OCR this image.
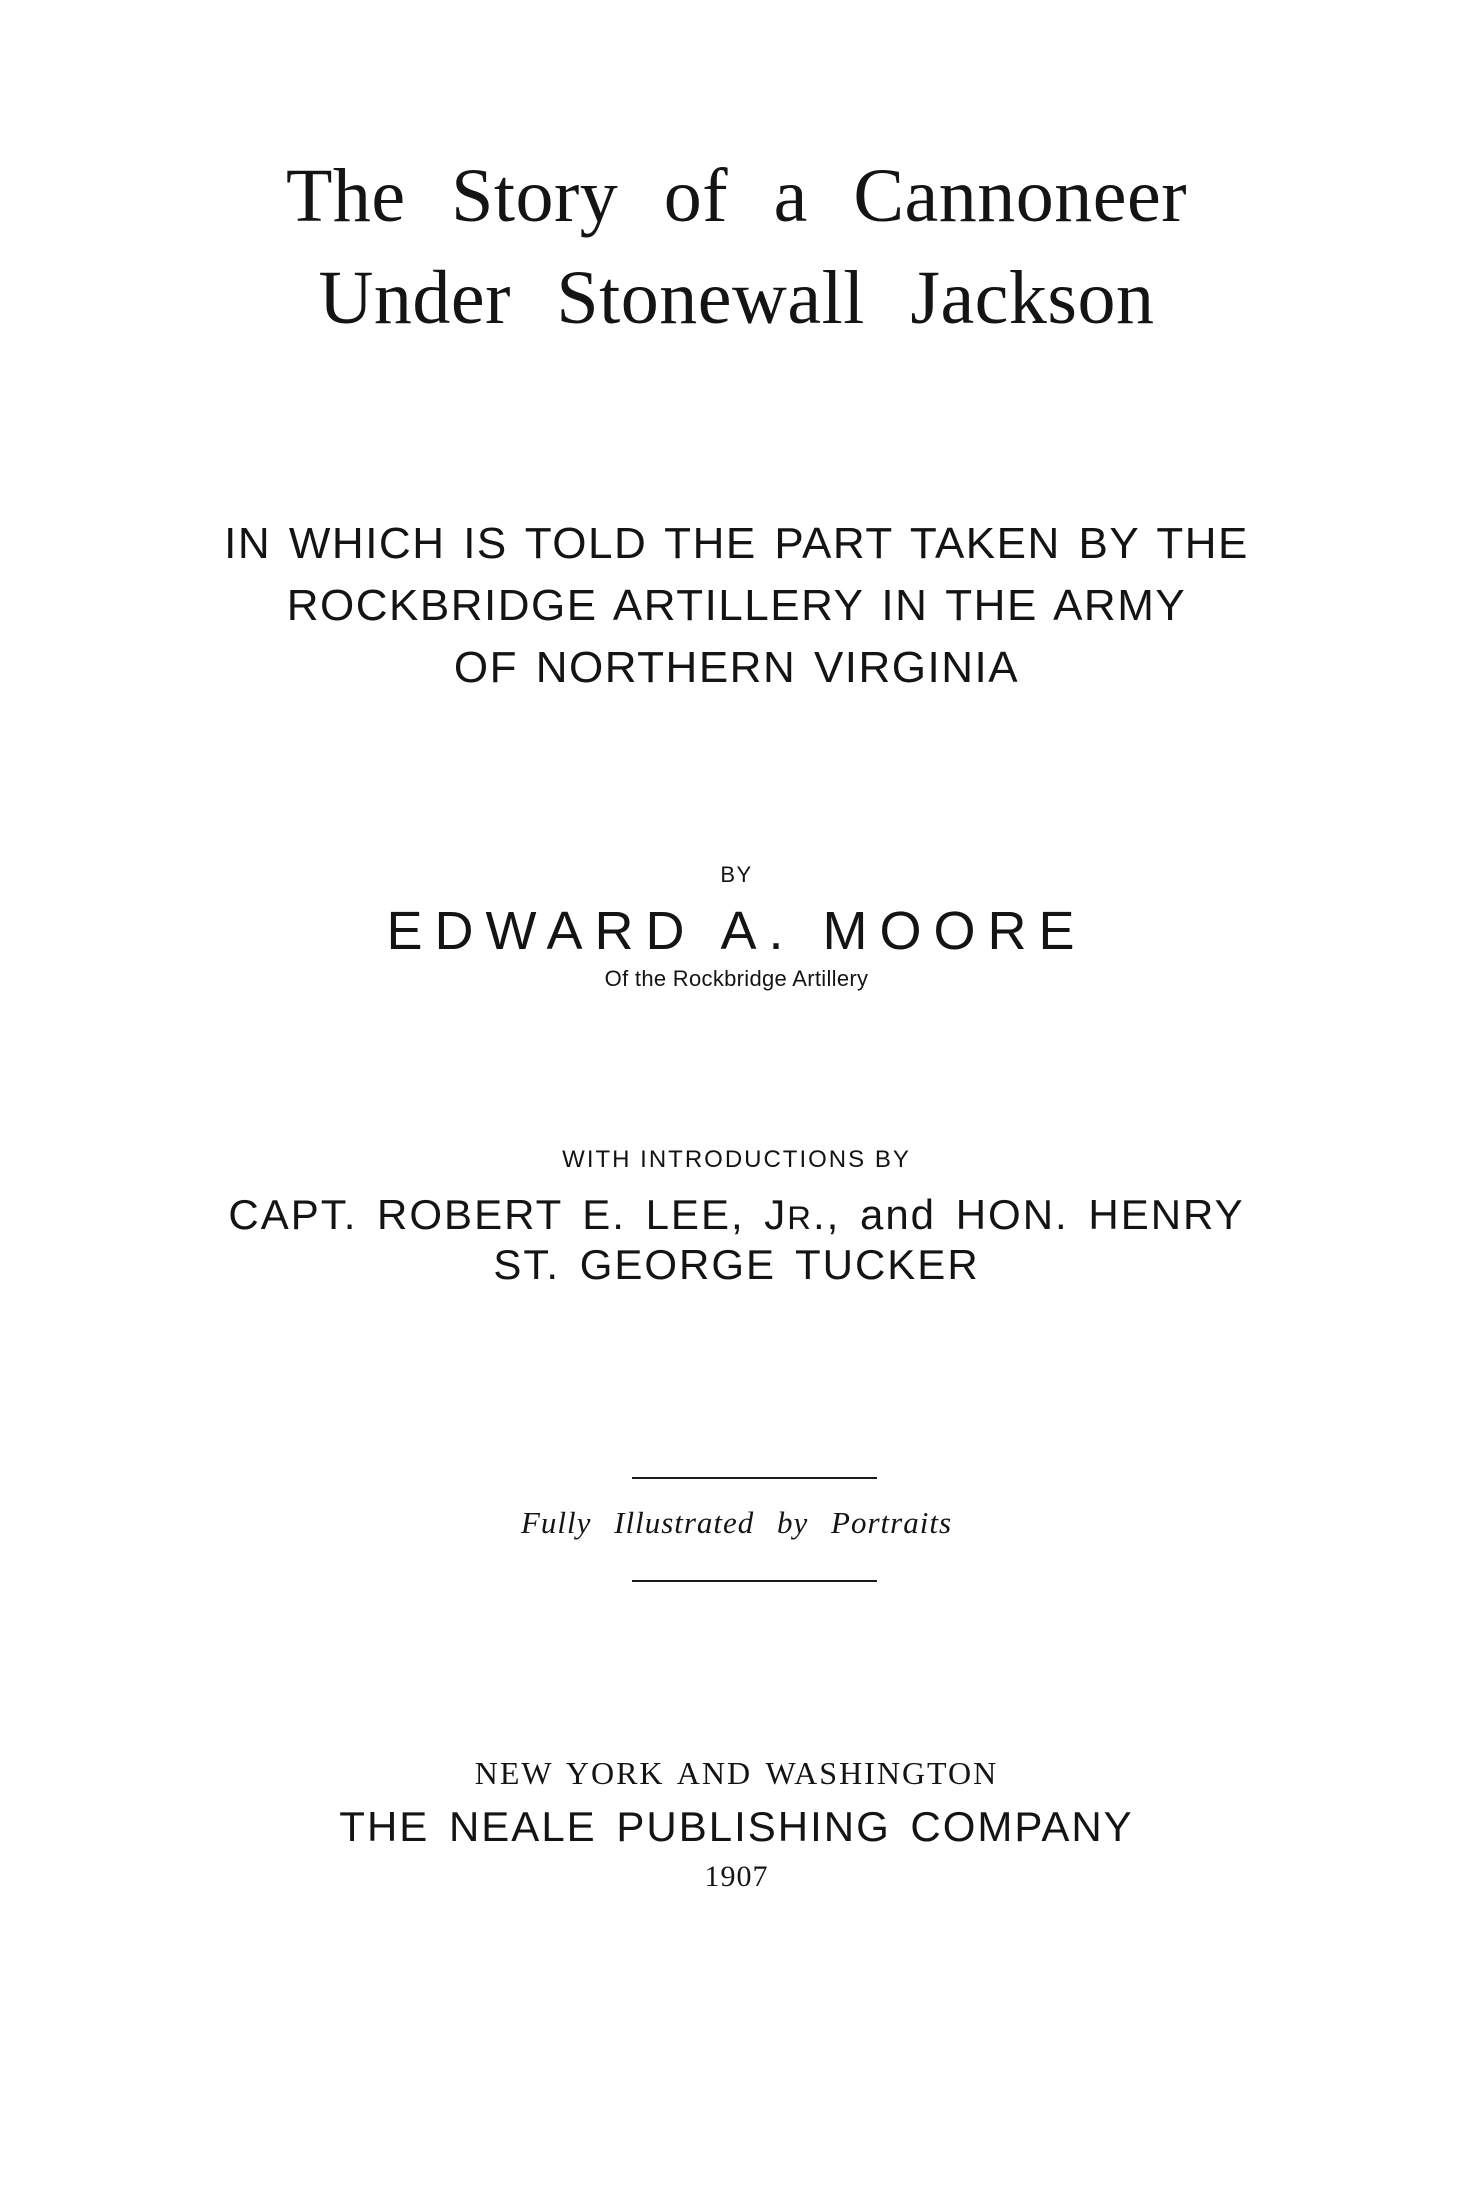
The Story of a Cannoneer
Under Stonewall Jackson
IN WHICH IS TOLD THE PART TAKEN BY THE
ROCKBRIDGE ARTILLERY IN THE ARMY
OF NORTHERN VIRGINIA
BY
EDWARD A. MOORE
Of the Rockbridge Artillery
WITH INTRODUCTIONS BY
CAPT. ROBERT E. LEE, JR., and HON. HENRY
ST. GEORGE TUCKER
Fully Illustrated by Portraits
NEW YORK AND WASHINGTON
THE NEALE PUBLISHING COMPANY
1907
